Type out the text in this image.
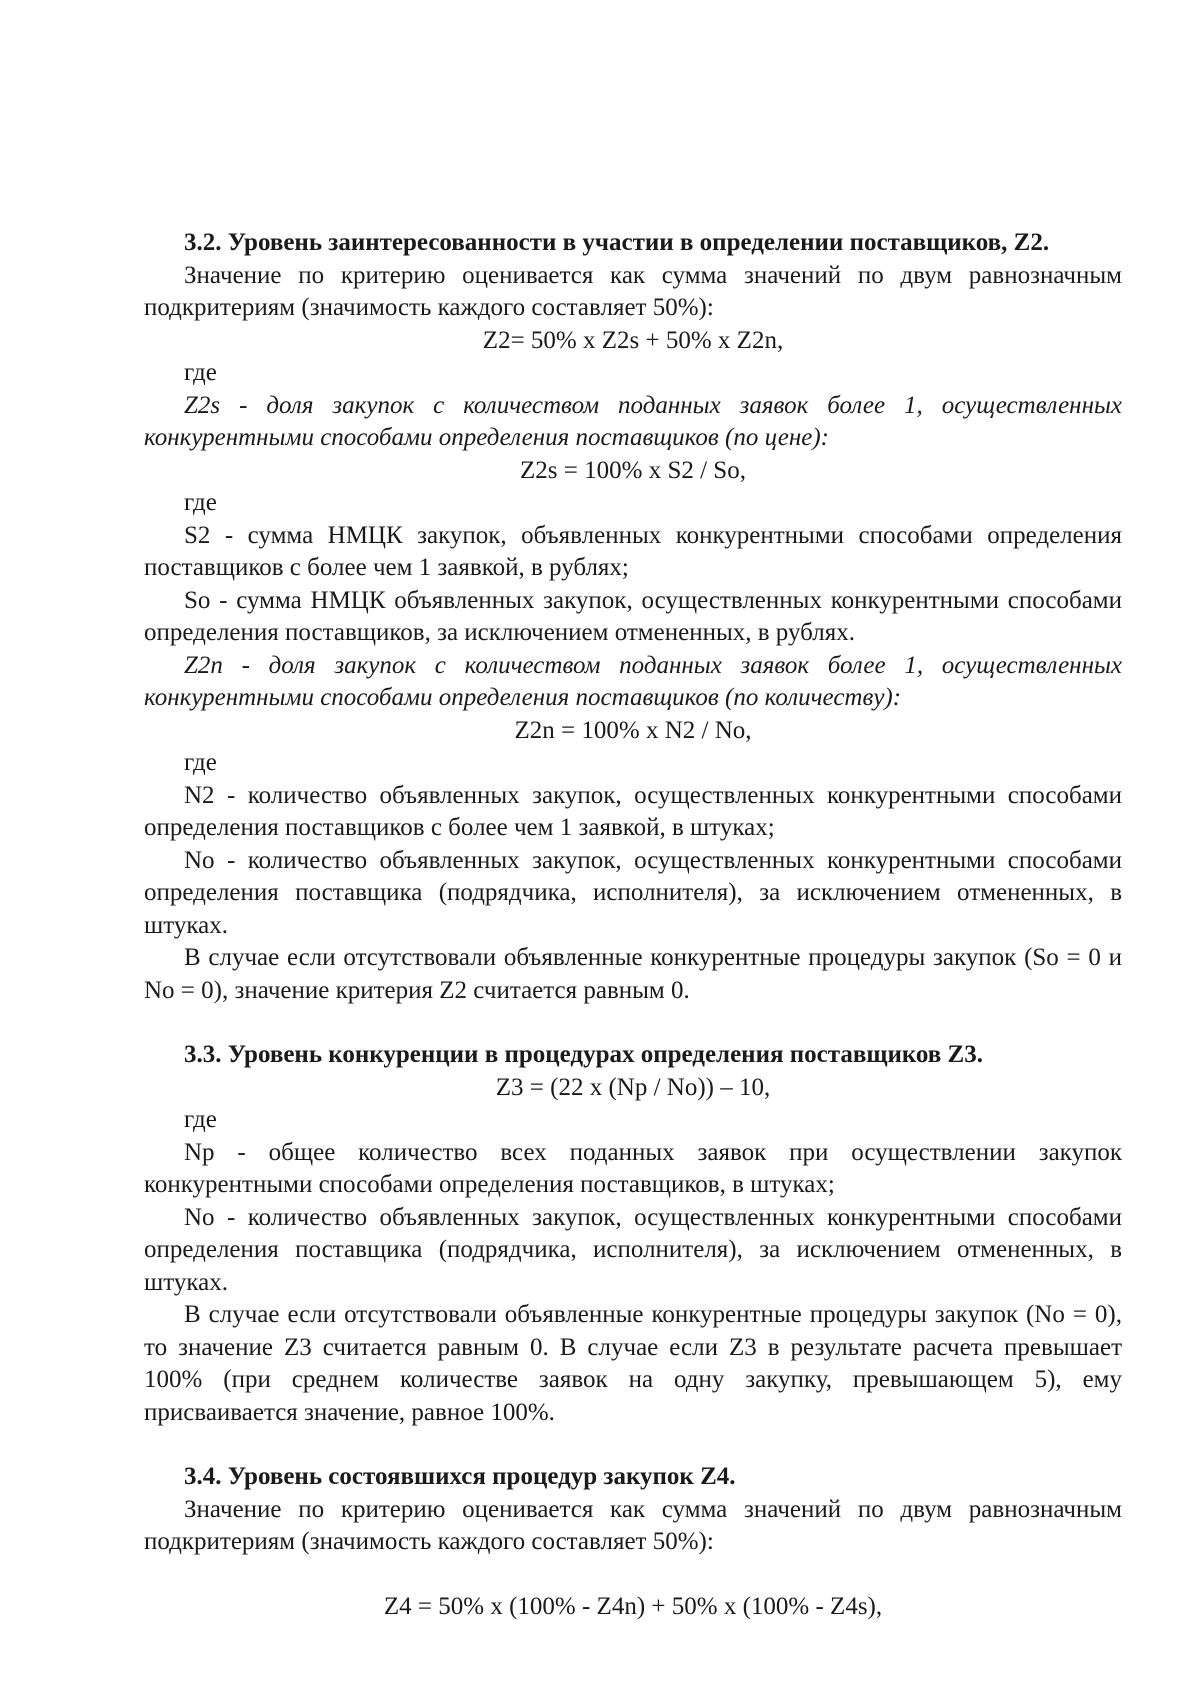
3.2. Уровень заинтересованности в участии в определении поставщиков, Z2.

Значение по критерию оценивается как сумма значений по двум равнозначным подкритериям (значимость каждого составляет 50%):

Z2= 50% x Z2s + 50% x Z2n,

где

Z2s - доля закупок с количеством поданных заявок более 1, осуществленных конкурентными способами определения поставщиков (по цене):

Z2s = 100% x S2 / So,

где

S2 - сумма НМЦК закупок, объявленных конкурентными способами определения поставщиков с более чем 1 заявкой, в рублях;

So - сумма НМЦК объявленных закупок, осуществленных конкурентными способами определения поставщиков, за исключением отмененных, в рублях.

Z2n - доля закупок с количеством поданных заявок более 1, осуществленных конкурентными способами определения поставщиков (по количеству):

Z2n = 100% x N2 / No,

где

N2 - количество объявленных закупок, осуществленных конкурентными способами определения поставщиков с более чем 1 заявкой, в штуках;

No - количество объявленных закупок, осуществленных конкурентными способами определения поставщика (подрядчика, исполнителя), за исключением отмененных, в штуках.

В случае если отсутствовали объявленные конкурентные процедуры закупок (So = 0 и No = 0), значение критерия Z2 считается равным 0.

3.3. Уровень конкуренции в процедурах определения поставщиков Z3.

Z3 = (22 x (Np / No)) – 10,

где

Np - общее количество всех поданных заявок при осуществлении закупок конкурентными способами определения поставщиков, в штуках;

No - количество объявленных закупок, осуществленных конкурентными способами определения поставщика (подрядчика, исполнителя), за исключением отмененных, в штуках.

В случае если отсутствовали объявленные конкурентные процедуры закупок (No = 0), то значение Z3 считается равным 0. В случае если Z3 в результате расчета превышает 100% (при среднем количестве заявок на одну закупку, превышающем 5), ему присваивается значение, равное 100%.

3.4. Уровень состоявшихся процедур закупок Z4.

Значение по критерию оценивается как сумма значений по двум равнозначным подкритериям (значимость каждого составляет 50%):

Z4 = 50% x (100% - Z4n) + 50% x (100% - Z4s),
